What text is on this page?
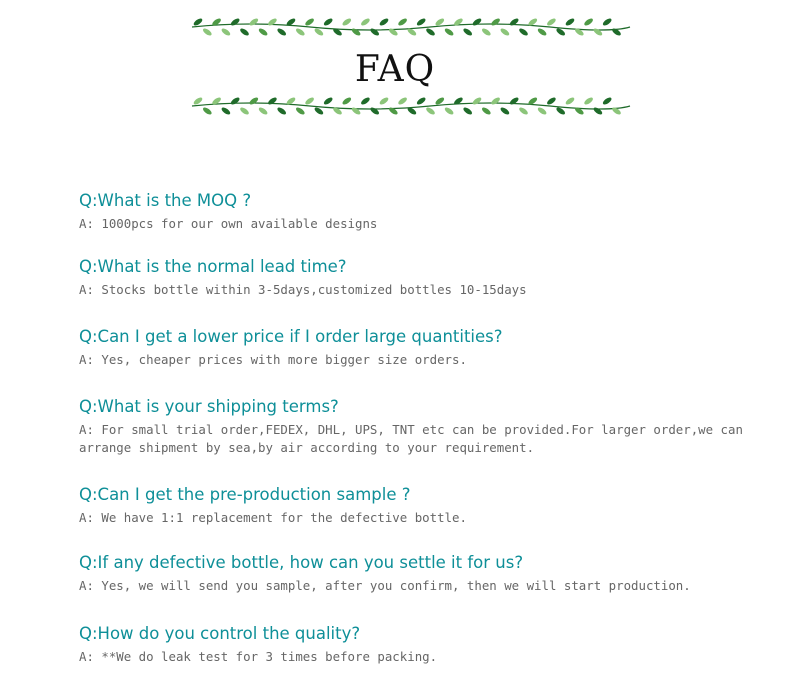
FAQ
Q:What is the MOQ ?
A: 1000pcs for our own available designs
Q:What is the normal lead time?
A: Stocks bottle within 3-5days,customized bottles 10-15days
Q:Can I get a lower price if I order large quantities?
A: Yes, cheaper prices with more bigger size orders.
Q:What is your shipping terms?
A: For small trial order,FEDEX, DHL, UPS, TNT etc can be provided.For larger order,we can arrange shipment by sea,by air according to your requirement.
Q:Can I get the pre-production sample ?
A: We have 1:1 replacement for the defective bottle.
Q:If any defective bottle, how can you settle it for us?
A: Yes, we will send you sample, after you confirm, then we will start production.
Q:How do you control the quality?
A: **We do leak test for 3 times before packing.
